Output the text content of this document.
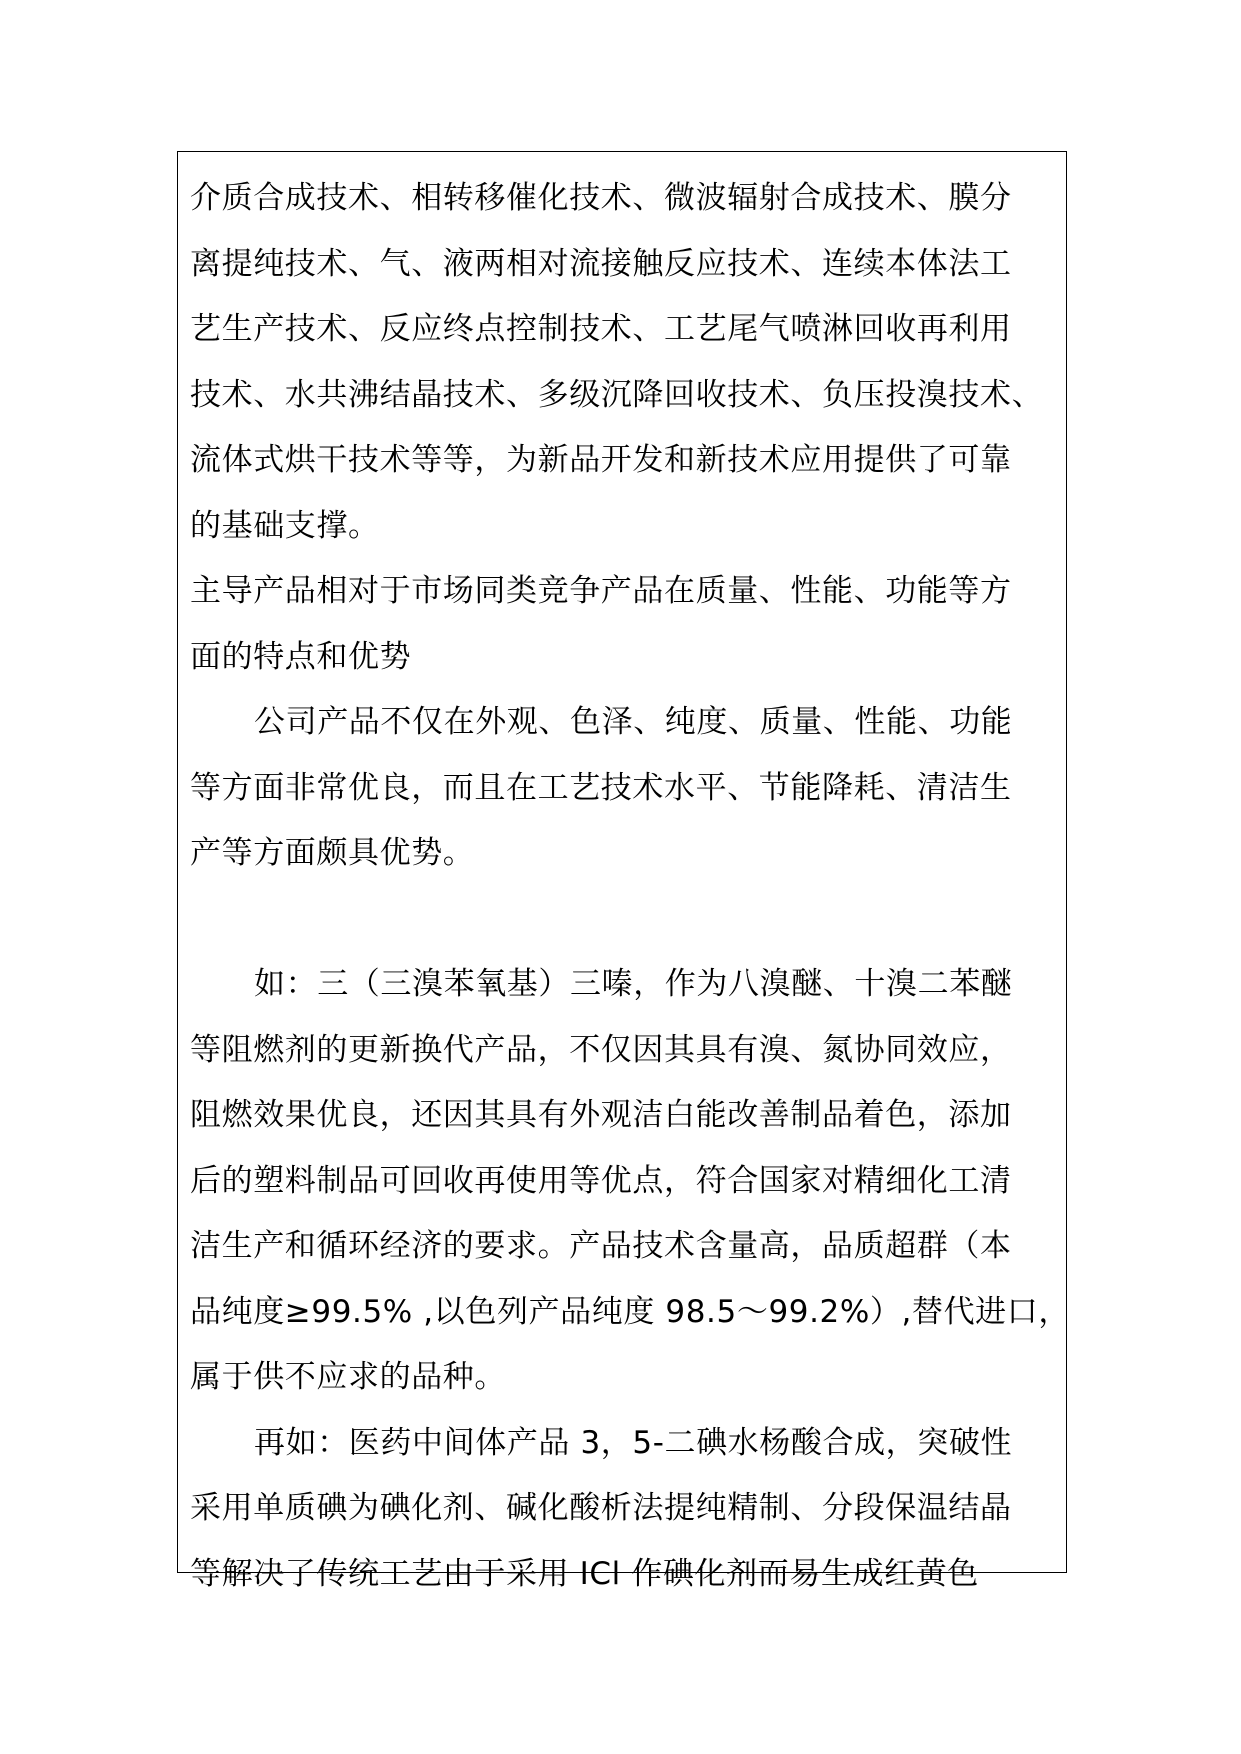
介质合成技术、相转移催化技术、微波辐射合成技术、膜分
离提纯技术、气、液两相对流接触反应技术、连续本体法工
艺生产技术、反应终点控制技术、工艺尾气喷淋回收再利用
技术、水共沸结晶技术、多级沉降回收技术、负压投溴技术、
流体式烘干技术等等，为新品开发和新技术应用提供了可靠
的基础支撑。
主导产品相对于市场同类竞争产品在质量、性能、功能等方
面的特点和优势
公司产品不仅在外观、色泽、纯度、质量、性能、功能
等方面非常优良，而且在工艺技术水平、节能降耗、清洁生
产等方面颇具优势。
如：三（三溴苯氧基）三嗪，作为八溴醚、十溴二苯醚
等阻燃剂的更新换代产品，不仅因其具有溴、氮协同效应，
阻燃效果优良，还因其具有外观洁白能改善制品着色，添加
后的塑料制品可回收再使用等优点，符合国家对精细化工清
洁生产和循环经济的要求。产品技术含量高，品质超群（本
品纯度≥99.5% ,以色列产品纯度 98.5～99.2%）,替代进口，
属于供不应求的品种。
再如：医药中间体产品 3，5-二碘水杨酸合成，突破性
采用单质碘为碘化剂、碱化酸析法提纯精制、分段保温结晶
等解决了传统工艺由于采用 ICl 作碘化剂而易生成红黄色
